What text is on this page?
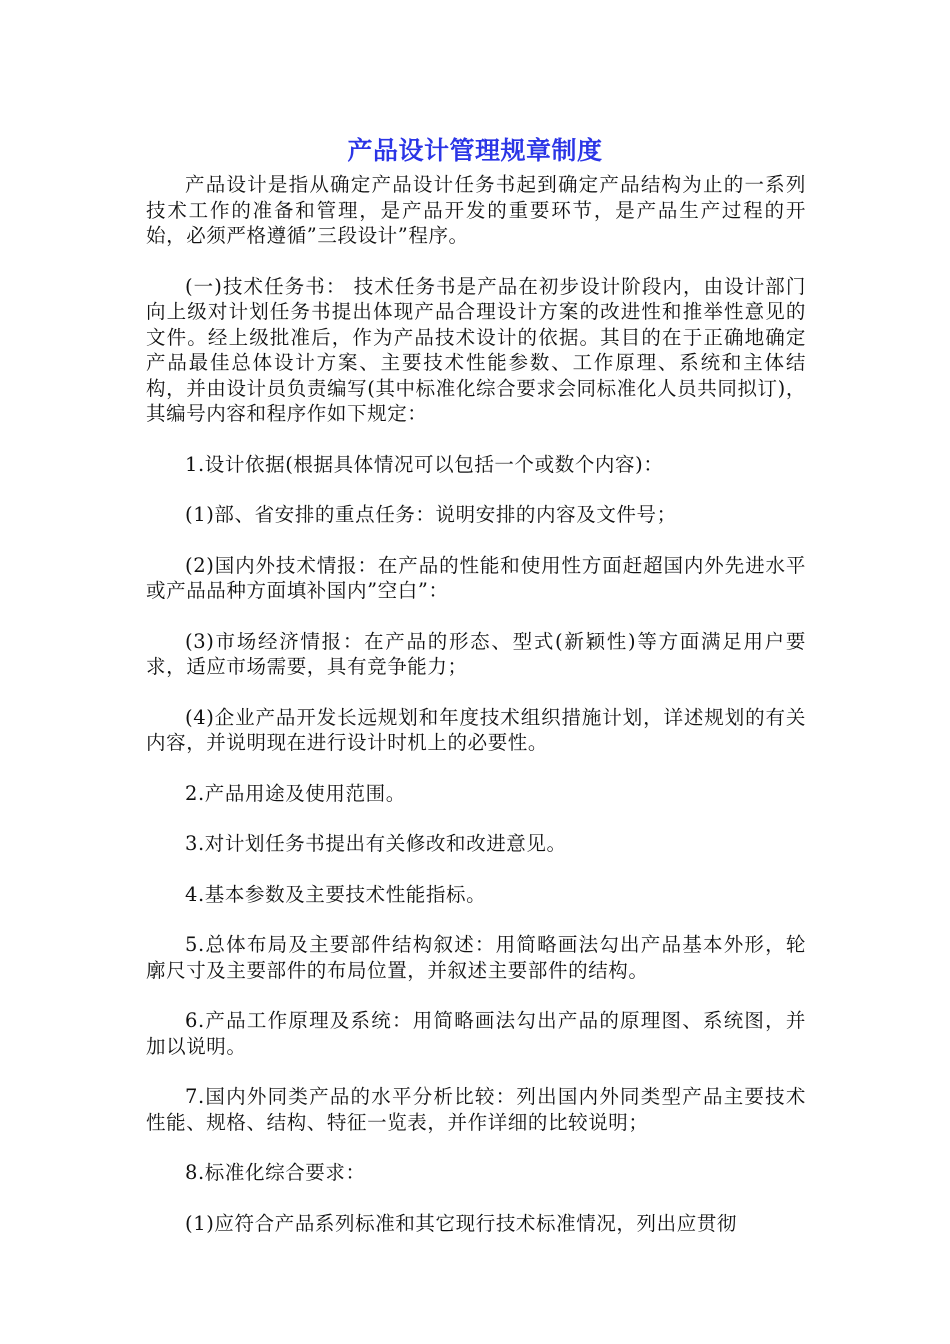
产品设计管理规章制度

产品设计是指从确定产品设计任务书起到确定产品结构为止的一系列技术工作的准备和管理，是产品开发的重要环节，是产品生产过程的开始，必须严格遵循”三段设计”程序。

(一)技术任务书： 技术任务书是产品在初步设计阶段内，由设计部门向上级对计划任务书提出体现产品合理设计方案的改进性和推举性意见的文件。经上级批准后，作为产品技术设计的依据。其目的在于正确地确定产品最佳总体设计方案、主要技术性能参数、工作原理、系统和主体结构，并由设计员负责编写(其中标准化综合要求会同标准化人员共同拟订)，其编号内容和程序作如下规定：

1.设计依据(根据具体情况可以包括一个或数个内容)：

(1)部、省安排的重点任务：说明安排的内容及文件号；

(2)国内外技术情报：在产品的性能和使用性方面赶超国内外先进水平或产品品种方面填补国内”空白”：

(3)市场经济情报：在产品的形态、型式(新颖性)等方面满足用户要求，适应市场需要，具有竞争能力；

(4)企业产品开发长远规划和年度技术组织措施计划，详述规划的有关内容，并说明现在进行设计时机上的必要性。

2.产品用途及使用范围。

3.对计划任务书提出有关修改和改进意见。

4.基本参数及主要技术性能指标。

5.总体布局及主要部件结构叙述：用简略画法勾出产品基本外形，轮廓尺寸及主要部件的布局位置，并叙述主要部件的结构。

6.产品工作原理及系统：用简略画法勾出产品的原理图、系统图，并加以说明。

7.国内外同类产品的水平分析比较：列出国内外同类型产品主要技术性能、规格、结构、特征一览表，并作详细的比较说明；

8.标准化综合要求：

(1)应符合产品系列标准和其它现行技术标准情况，列出应贯彻
